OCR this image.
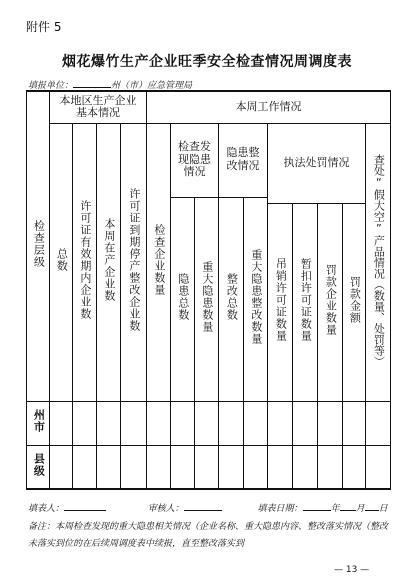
附件 5
烟花爆竹生产企业旺季安全检查情况周调度表
填报单位：	州（市）应急管理局
检查层级	本地区生产企业基本情况				本周工作情况									
	总数	许可证有效期内企业数	本周在产企业数	许可证到期停产整改企业数	检查企业数量	检查发现隐患情况		隐患整改情况		执法处罚情况				查处“假大空”产品情况（数量、处罚等）
						隐患总数	重大隐患数量	整改总数	重大隐患整改数量					
										吊销许可证数量	暂扣许可证数量	罚款企业数量	罚款金额	
州市														
县级														
填表人：	审核人：	填表日期：	年 月 日
备注：本周检查发现的重大隐患相关情况（企业名称、重大隐患内容、整改落实情况（整改未落实到位的在后续周调度表中续报，直至整改落实到
— 13 —
